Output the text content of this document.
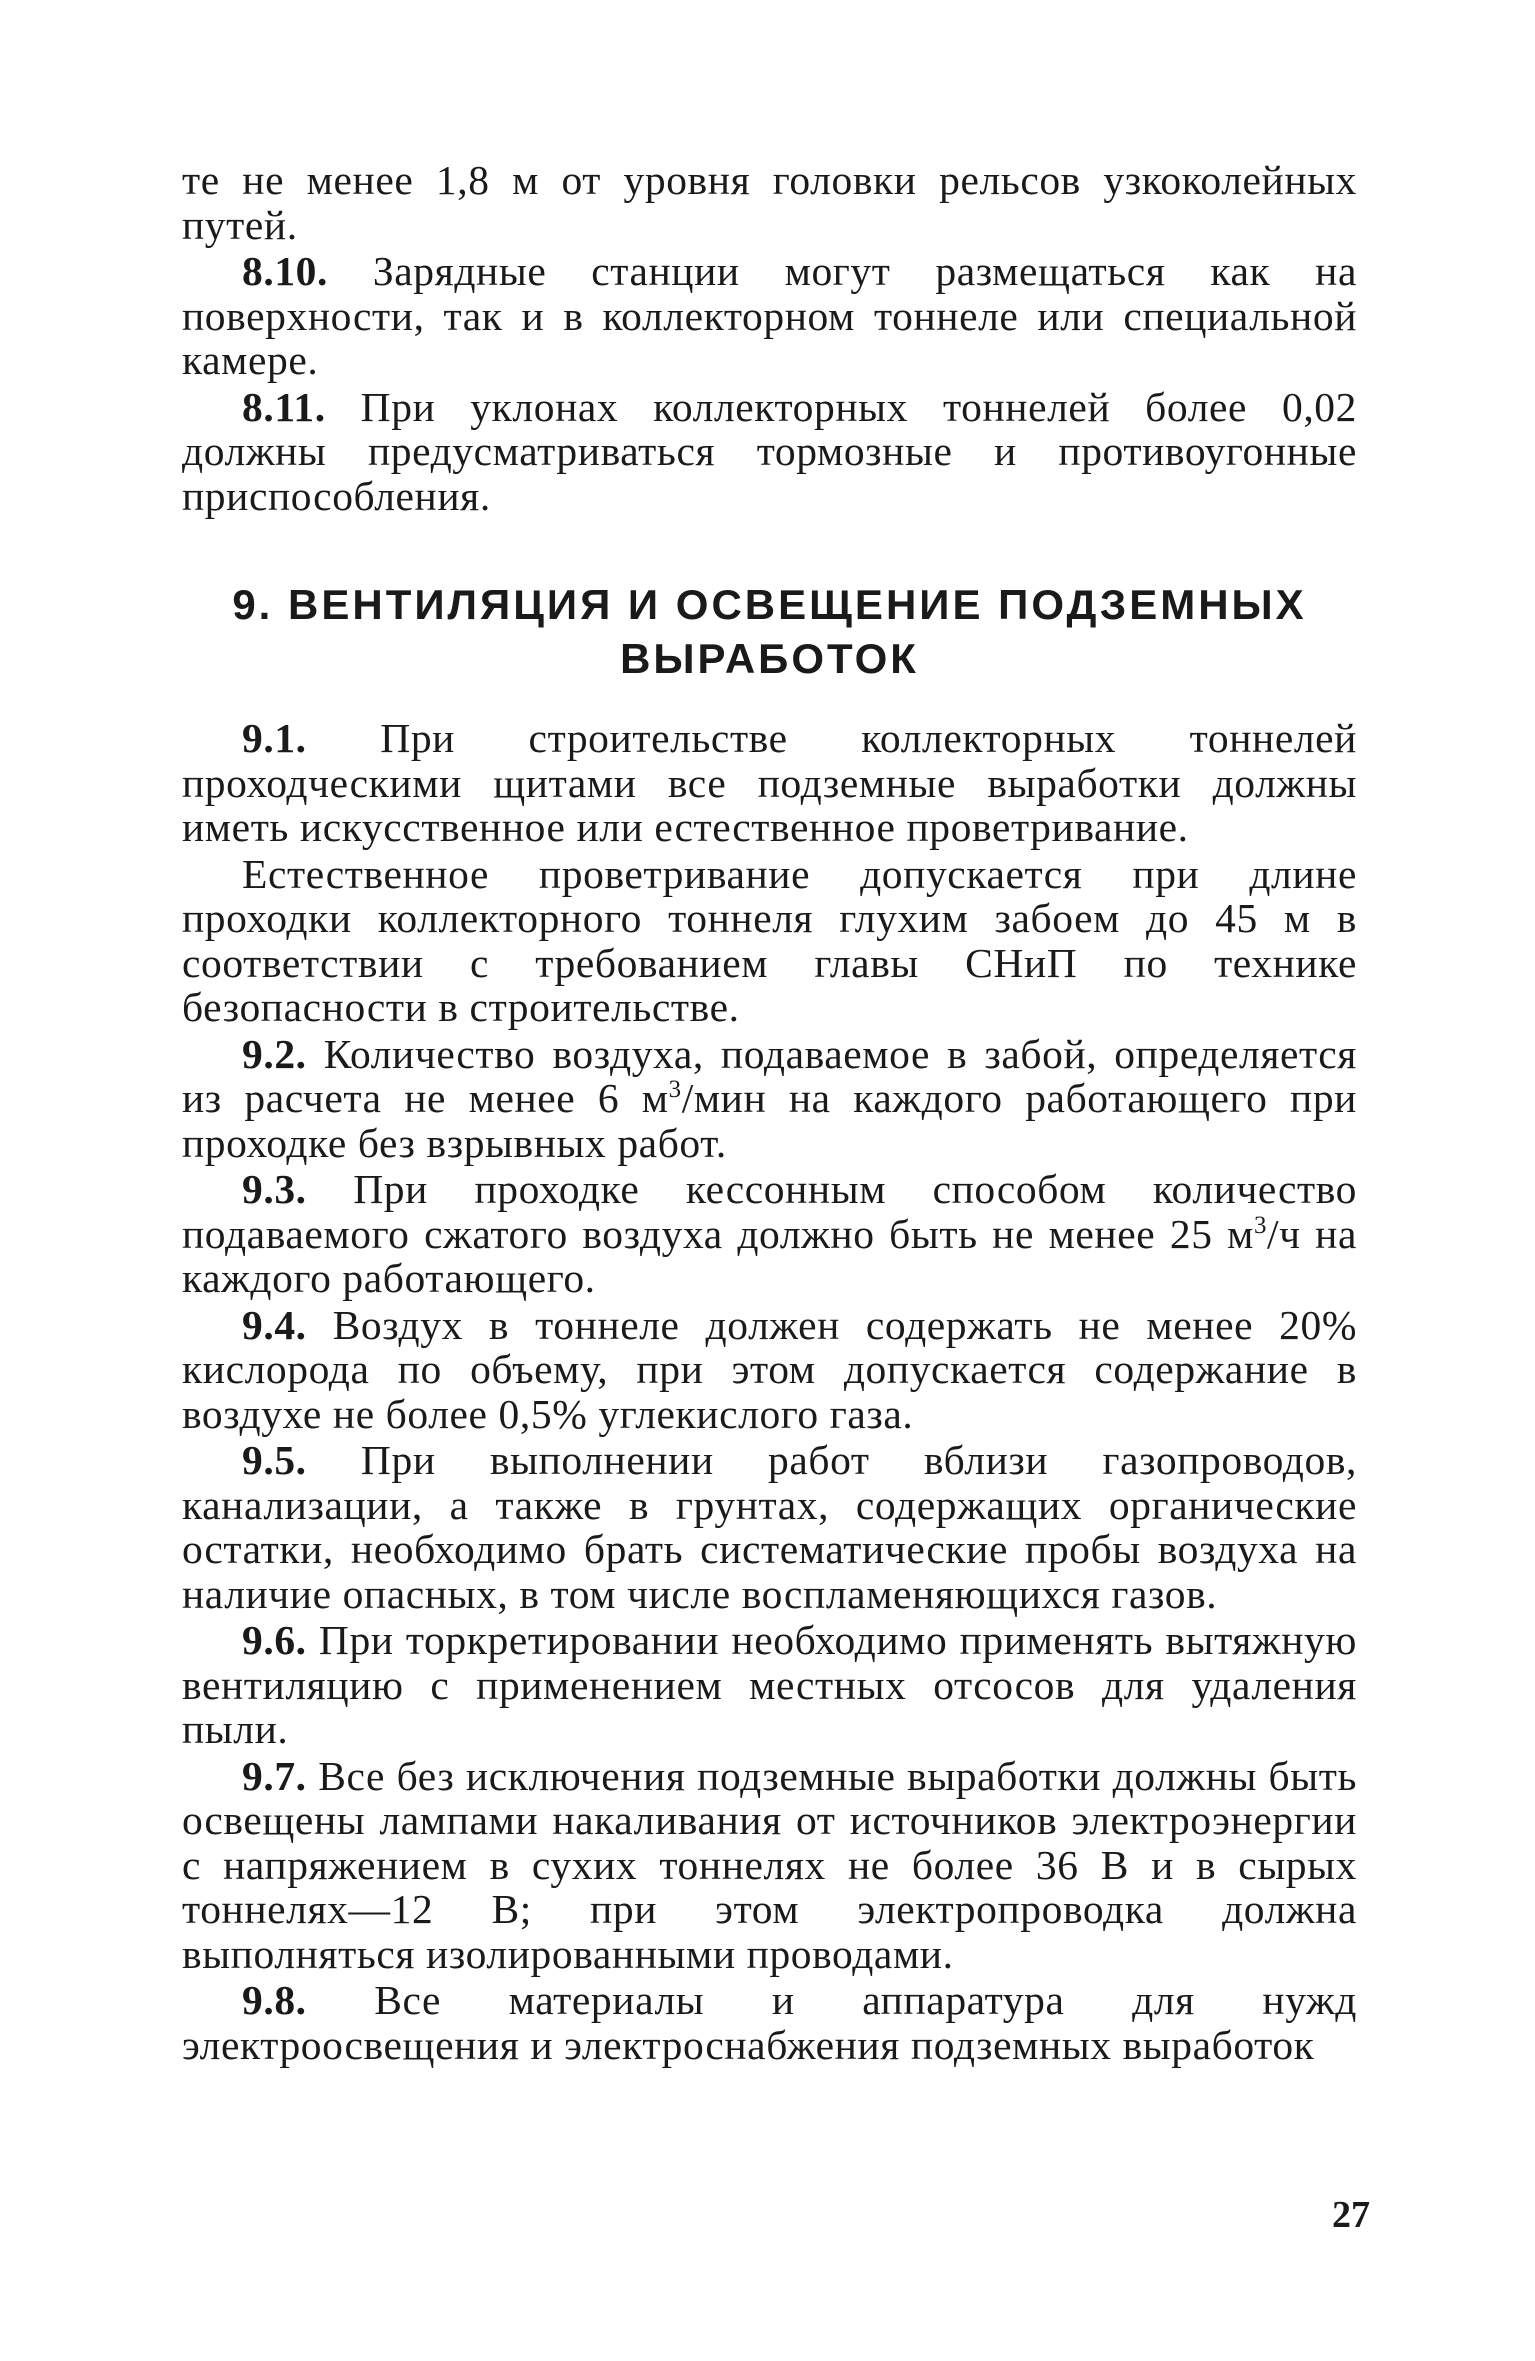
те не менее 1,8 м от уровня головки рельсов узкоколейных путей.

8.10. Зарядные станции могут размещаться как на поверхности, так и в коллекторном тоннеле или специальной камере.

8.11. При уклонах коллекторных тоннелей более 0,02 должны предусматриваться тормозные и противоугонные приспособления.

9. ВЕНТИЛЯЦИЯ И ОСВЕЩЕНИЕ ПОДЗЕМНЫХ
ВЫРАБОТОК

9.1. При строительстве коллекторных тоннелей проходческими щитами все подземные выработки должны иметь искусственное или естественное проветривание.

Естественное проветривание допускается при длине проходки коллекторного тоннеля глухим забоем до 45 м в соответствии с требованием главы СНиП по технике безопасности в строительстве.

9.2. Количество воздуха, подаваемое в забой, определяется из расчета не менее 6 $м^3$/мин на каждого работающего при проходке без взрывных работ.

9.3. При проходке кессонным способом количество подаваемого сжатого воздуха должно быть не менее 25 $м^3/ч$ на каждого работающего.

9.4. Воздух в тоннеле должен содержать не менее 20% кислорода по объему, при этом допускается содержание в воздухе не более 0,5% углекислого газа.

9.5. При выполнении работ вблизи газопроводов, канализации, а также в грунтах, содержащих органические остатки, необходимо брать систематические пробы воздуха на наличие опасных, в том числе воспламеняющихся газов.

9.6. При торкретировании необходимо применять вытяжную вентиляцию с применением местных отсосов для удаления пыли.

9.7. Все без исключения подземные выработки должны быть освещены лампами накаливания от источников электроэнергии с напряжением в сухих тоннелях не более 36 В и в сырых тоннелях—12 В; при этом электропроводка должна выполняться изолированными проводами.

9.8. Все материалы и аппаратура для нужд электроосвещения и электроснабжения подземных выработок

27
